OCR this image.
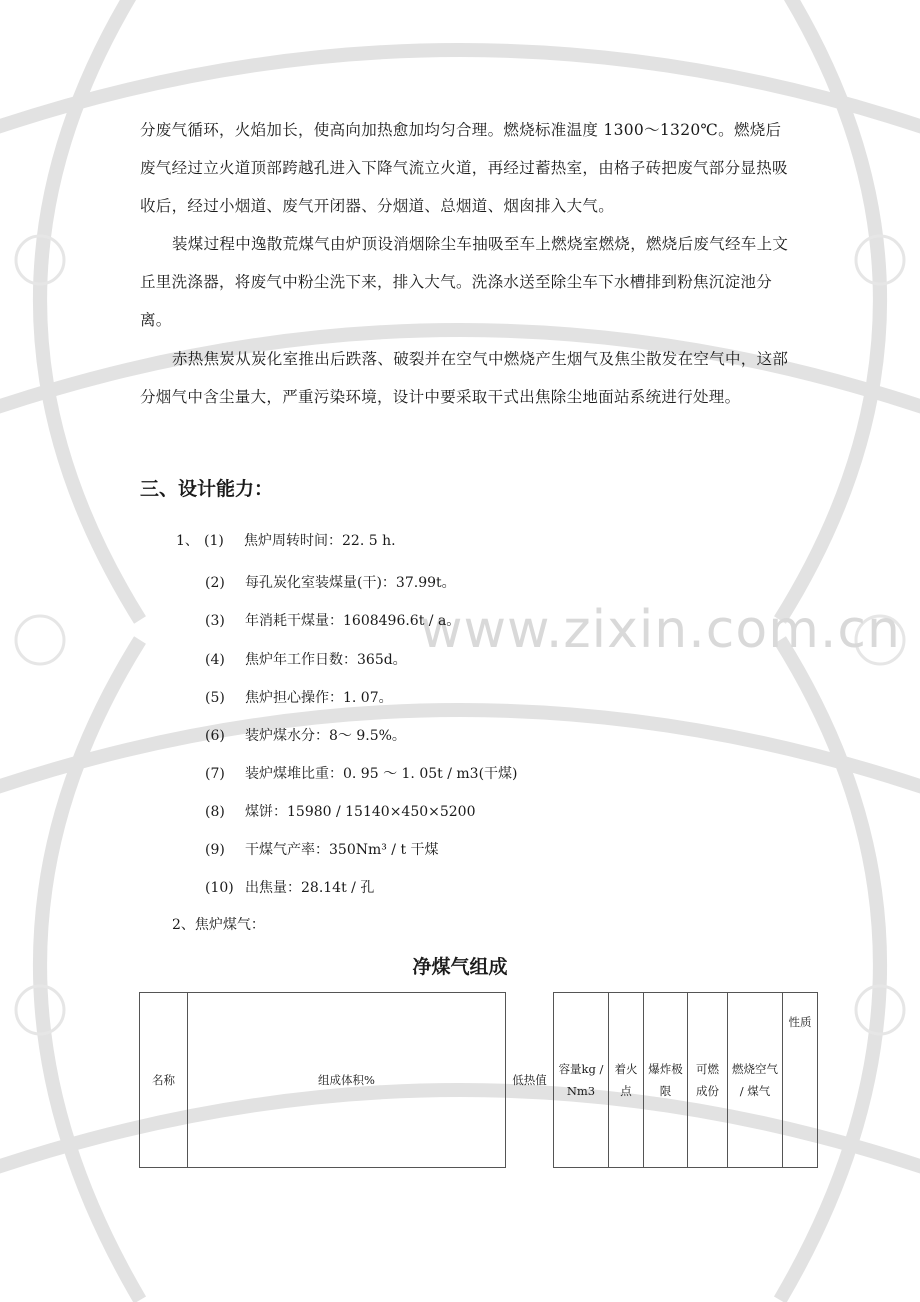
www.zixin.com.cn

分废气循环，火焰加长，使高向加热愈加均匀合理。燃烧标准温度 1300～1320℃。燃烧后废气经过立火道顶部跨越孔进入下降气流立火道，再经过蓄热室，由格子砖把废气部分显热吸收后，经过小烟道、废气开闭器、分烟道、总烟道、烟囱排入大气。

装煤过程中逸散荒煤气由炉顶设消烟除尘车抽吸至车上燃烧室燃烧，燃烧后废气经车上文丘里洗涤器，将废气中粉尘洗下来，排入大气。洗涤水送至除尘车下水槽排到粉焦沉淀池分离。

赤热焦炭从炭化室推出后跌落、破裂并在空气中燃烧产生烟气及焦尘散发在空气中，这部分烟气中含尘量大，严重污染环境，设计中要采取干式出焦除尘地面站系统进行处理。

三、设计能力：
1、 (1) 焦炉周转时间：22. 5 h.
(2) 每孔炭化室装煤量(干)：37.99t。
(3) 年消耗干煤量：1608496.6t / a。
(4) 焦炉年工作日数：365d。
(5) 焦炉担心操作：1. 07。
(6) 装炉煤水分：8～ 9.5%。
(7) 装炉煤堆比重：0. 95 ～ 1. 05t / m3(干煤)
(8) 煤饼：15980 / 15140×450×5200
(9) 干煤气产率：350Nm³ / t 干煤
(10) 出焦量：28.14t / 孔
2、焦炉煤气：
净煤气组成
名称	组成体积%	低热值	容量kg / Nm3	着火点	爆炸极限	可燃成份	燃烧空气 / 煤气	性质
